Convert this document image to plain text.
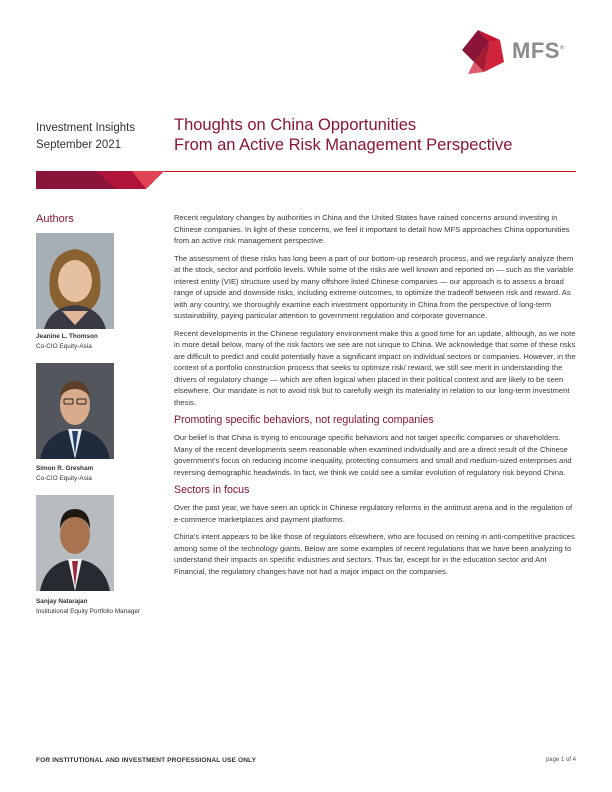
MFS®
Investment Insights
September 2021
Thoughts on China Opportunities
From an Active Risk Management Perspective
Authors
Jeanine L. Thomson
Co-CIO Equity-Asia
Simon R. Gresham
Co-CIO Equity-Asia
Sanjay Natarajan
Institutional Equity Portfolio Manager

Recent regulatory changes by authorities in China and the United States have raised concerns around investing in Chinese companies. In light of these concerns, we feel it important to detail how MFS approaches China opportunities from an active risk management perspective.

The assessment of these risks has long been a part of our bottom-up research process, and we regularly analyze them at the stock, sector and portfolio levels. While some of the risks are well known and reported on — such as the variable interest entity (VIE) structure used by many offshore listed Chinese companies — our approach is to assess a broad range of upside and downside risks, including extreme outcomes, to optimize the tradeoff between risk and reward. As with any country, we thoroughly examine each investment opportunity in China from the perspective of long-term sustainability, paying particular attention to government regulation and corporate governance.

Recent developments in the Chinese regulatory environment make this a good time for an update, although, as we note in more detail below, many of the risk factors we see are not unique to China. We acknowledge that some of these risks are difficult to predict and could potentially have a significant impact on individual sectors or companies. However, in the context of a portfolio construction process that seeks to optimize risk/ reward, we still see merit in understanding the drivers of regulatory change — which are often logical when placed in their political context and are likely to be seen elsewhere. Our mandate is not to avoid risk but to carefully weigh its materiality in relation to our long-term investment thesis.

Promoting specific behaviors, not regulating companies

Our belief is that China is trying to encourage specific behaviors and not target specific companies or shareholders. Many of the recent developments seem reasonable when examined individually and are a direct result of the Chinese government's focus on reducing income inequality, protecting consumers and small and medium-sized enterprises and reversing demographic headwinds. In fact, we think we could see a similar evolution of regulatory risk beyond China.

Sectors in focus

Over the past year, we have seen an uptick in Chinese regulatory reforms in the antitrust arena and in the regulation of e-commerce marketplaces and payment platforms.

China's intent appears to be like those of regulators elsewhere, who are focused on reining in anti-competitive practices among some of the technology giants. Below are some examples of recent regulations that we have been analyzing to understand their impacts on specific industries and sectors. Thus far, except for in the education sector and Ant Financial, the regulatory changes have not had a major impact on the companies.

FOR INSTITUTIONAL AND INVESTMENT PROFESSIONAL USE ONLY	page 1 of 4
